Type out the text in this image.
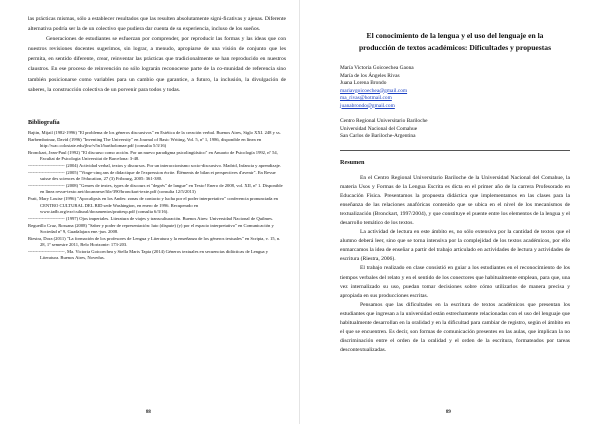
las prácticas mismas, sólo a establecer resultados que las resulten absolutamente signi-ficativas y ajenas. Diferente alternativa podría ser la de un colectivo que pudiera dar cuenta de su experiencia, incluso de los sueños.

Generaciones de estudiantes se esfuerzan por comprender, por reproducir las formas y las ideas que con nuestros revisiones docentes sugerimos, sin lograr, a menudo, apropiarse de una visión de conjunto que les permita, en sentido diferente, crear, reinventar las prácticas que tradicionalmente se han reproducido en nuestros claustros. En ese proceso de reinvención no sólo lograrán reconocerse parte de la co-munidad de referencia sino también posicionarse como variables para un cambio que garantice, a futuro, la inclusión, la divulgación de saberes, la construcción colectiva de un porvenir para todos y todas.

Bibliografía

Bajtin, Mijail (1982-1996) "El problema de los géneros discursivos" en Estética de la creación verbal. Buenos Aires, Siglo XXI. 248 y ss.

Barbemboinaz, David (1996) "Inventing The University" en Journal of Basic Writing, Vol. 5, nº 1, 1986, disponible en línea en http://wac.colostate.edu/jbw/v5n1/bartholomae.pdf (consulta 5/3/16)

Bronckart, Jean-Paul (1992) "El discurso como acción. Por un nuevo paradigma psicolingüístico" en Anuario de Psicología 1992, nº 54, Facultat de Psicologia Universitat de Barcelona: 3-48.

------------------------ (2004) Actividad verbal, textos y discursos. Por un interaccionismo socio-discursivo. Madrid, Infancia y aprendizaje.

------------------------ (2005) "Vinge-cinq ans de didactique de l'expression écrite. Éléments de bilan et perspectives d'avenir". En Revue suisse des sciences de l'éducation, 27 (3) Fribourg, 2005: 361-380.

------------------------ (2008) "Genres de textes, types de discours et "degrés" de langue" en Texto! Enero de 2008, vol. XII, nº 1. Disponible en línea revue-texto.net/docannexe/file/390/bronckart-texte.pdf (consulta 12/5/2013)

Pratt, Mary Louise (1996) "Apocalipsis en los Andes: zonas de contacto y lucha por el poder interpretativo" conferencia pronunciada en CENTRO CULTURAL DEL BID sede Washington, en enero de 1996. Recuperado en www.iadb.org/exr/cultural/documentos/prattesp.pdf (consulta 6/3/16).

------------------------ (1997) Ojos imperiales. Literatura de viajes y transculturación. Buenos Aires: Universidad Nacional de Quilmes.

Regueillo Cruz, Rossana (2008) "Saber y poder de representación: luto (dispute) (y) por el espacio interpretativo" en Comunicación y Sociedad nº 9, Guadalajara ene.-jun. 2008.

Riestra, Dora (2011) "La formación de los profesores de Lengua y Literatura y la enseñanza de los géneros textuales" en Scripta, v. 15, n. 28, 1º semestre 2011, Belo Horizonte: 173-203.

------------------------, Ma. Victoria Goicoechea y Stella Maris Tapia (2014) Géneros textuales en secuencias didácticas de Lengua y Literatura. Buenos Aires, Novedus.

88	89
El conocimiento de la lengua y el uso del lenguaje en la
producción de textos académicos: Dificultades y propuestas
María Victoria Goicoechea Gaona
María de los Ángeles Rivas
Juana Lorena Brondo
mariavgoicoechea@gmail.com
ma_rivas@hotmail.com
juanabrondo@gmail.com
Centro Regional Universitario Bariloche
Universidad Nacional del Comahue
San Carlos de Bariloche-Argentina
Resumen

En el Centro Regional Universitario Bariloche de la Universidad Nacional del Comahue, la materia Usos y Formas de la Lengua Escrita es dicta en el primer año de la carrera Profesorado en Educación Física. Presentamos la propuesta didáctica que implementamos en las clases para la enseñanza de las relaciones anafóricas contenido que se ubica en el nivel de los mecanismos de textualización (Bronckart, 1997/2004), y que constituye el puente entre los elementos de la lengua y el desarrollo temático de los textos.

La actividad de lectura en este ámbito es, no sólo extensiva por la cantidad de textos que el alumno deberá leer, sino que se torna intensiva por la complejidad de los textos académicos, por ello enmarcamos la idea de enseñar a partir del trabajo articulado en actividades de lectura y actividades de escritura (Riestra, 2006).

El trabajo realizado en clase consistió en guiar a los estudiantes en el reconocimiento de los tiempos verbales del relato y en el sentido de los conectores que habitualmente emplean, para que, una vez internalizado su uso, puedan tomar decisiones sobre cómo utilizarlos de manera precisa y apropiada en sus producciones escritas.

Pensamos que las dificultades en la escritura de textos académicos que presentan los estudiantes que ingresan a la universidad están estrechamente relacionadas con el uso del lenguaje que habitualmente desarrollan en la oralidad y en la dificultad para cambiar de registro, según el ámbito en el que se encuentren. Es decir, son formas de comunicación presentes en las aulas, que implican la no discriminación entre el orden de la oralidad y el orden de la escritura, formateados por tareas descontextualizadas.
